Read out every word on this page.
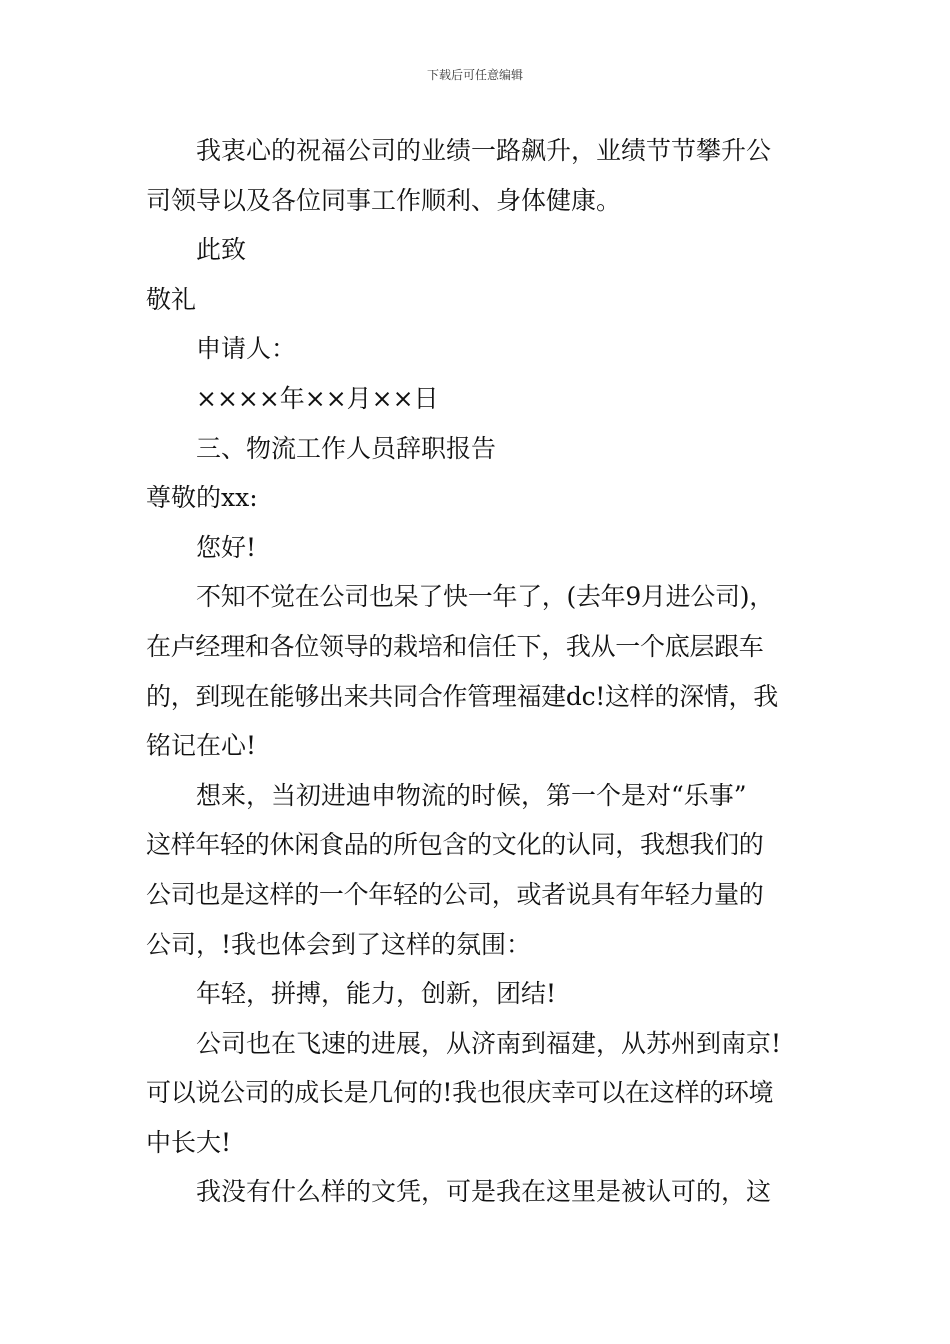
下载后可任意编辑
我衷心的祝福公司的业绩一路飙升，业绩节节攀升公
司领导以及各位同事工作顺利、身体健康。
此致
敬礼
申请人：
××××年××月××日
三、物流工作人员辞职报告
尊敬的xx:
您好!
不知不觉在公司也呆了快一年了，(去年9月进公司)，
在卢经理和各位领导的栽培和信任下，我从一个底层跟车
的，到现在能够出来共同合作管理福建dc!这样的深情，我
铭记在心!
想来，当初进迪申物流的时候，第一个是对“乐事”
这样年轻的休闲食品的所包含的文化的认同，我想我们的
公司也是这样的一个年轻的公司，或者说具有年轻力量的
公司，!我也体会到了这样的氛围：
年轻，拼搏，能力，创新，团结!
公司也在飞速的进展，从济南到福建，从苏州到南京!
可以说公司的成长是几何的!我也很庆幸可以在这样的环境
中长大!
我没有什么样的文凭，可是我在这里是被认可的，这
